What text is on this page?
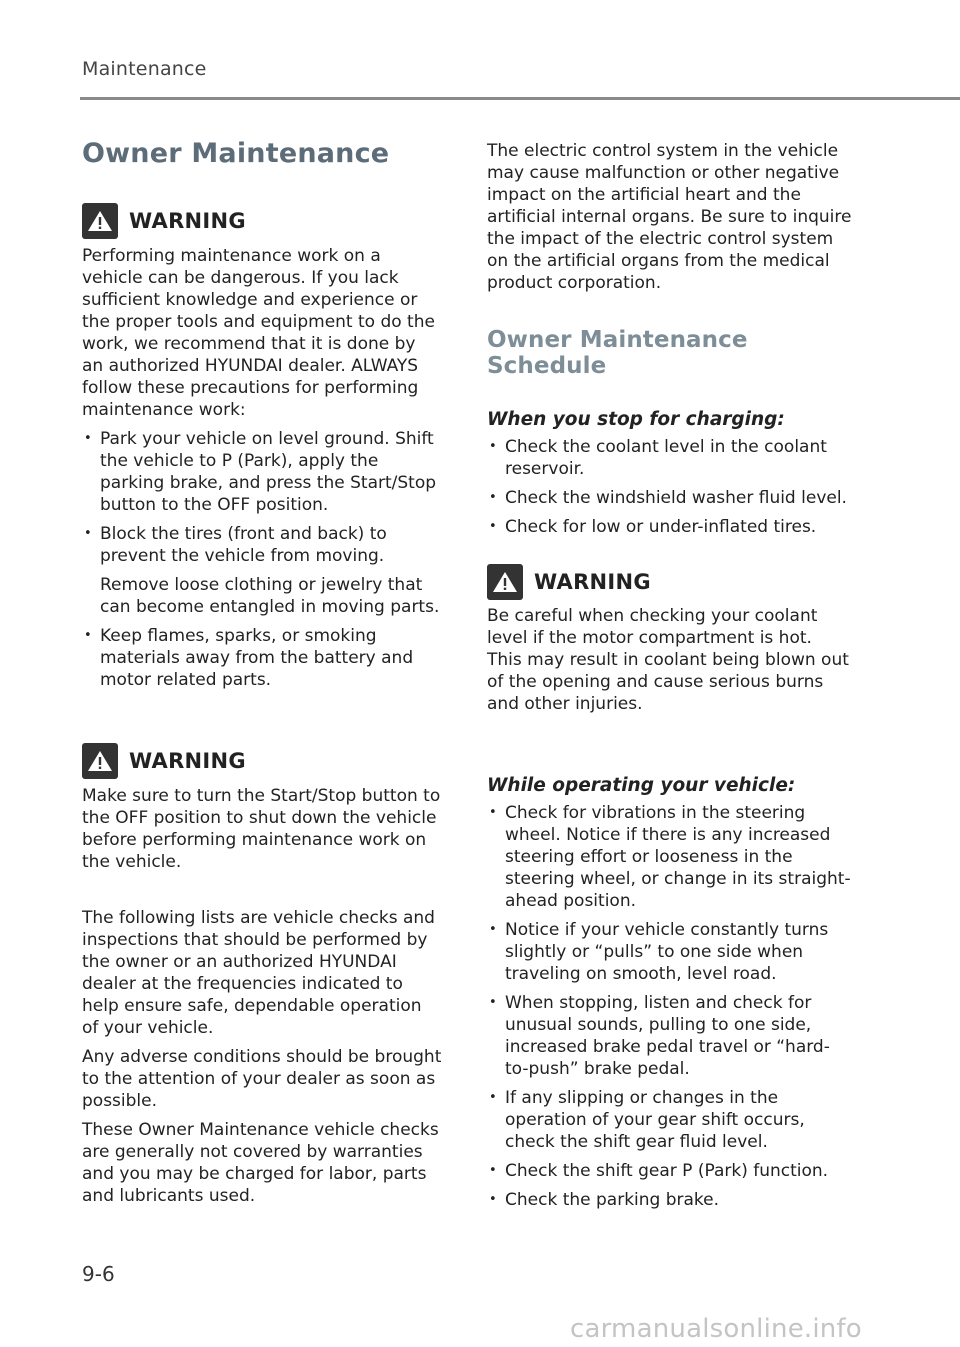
Maintenance
Owner Maintenance
WARNING

Performing maintenance work on a vehicle can be dangerous. If you lack sufficient knowledge and experience or the proper tools and equipment to do the work, we recommend that it is done by an authorized HYUNDAI dealer. ALWAYS follow these precautions for performing maintenance work:

• Park your vehicle on level ground. Shift the vehicle to P (Park), apply the parking brake, and press the Start/Stop button to the OFF position.
• Block the tires (front and back) to prevent the vehicle from moving.

Remove loose clothing or jewelry that can become entangled in moving parts.

• Keep flames, sparks, or smoking materials away from the battery and motor related parts.
WARNING

Make sure to turn the Start/Stop button to the OFF position to shut down the vehicle before performing maintenance work on the vehicle.

The following lists are vehicle checks and inspections that should be performed by the owner or an authorized HYUNDAI dealer at the frequencies indicated to help ensure safe, dependable operation of your vehicle.

Any adverse conditions should be brought to the attention of your dealer as soon as possible.

These Owner Maintenance vehicle checks are generally not covered by warranties and you may be charged for labor, parts and lubricants used.

The electric control system in the vehicle may cause malfunction or other negative impact on the artificial heart and the artificial internal organs. Be sure to inquire the impact of the electric control system on the artificial organs from the medical product corporation.

Owner Maintenance Schedule
When you stop for charging:
• Check the coolant level in the coolant reservoir.
• Check the windshield washer fluid level.
• Check for low or under-inflated tires.
WARNING

Be careful when checking your coolant level if the motor compartment is hot. This may result in coolant being blown out of the opening and cause serious burns and other injuries.

While operating your vehicle:
• Check for vibrations in the steering wheel. Notice if there is any increased steering effort or looseness in the steering wheel, or change in its straight-ahead position.
• Notice if your vehicle constantly turns slightly or “pulls” to one side when traveling on smooth, level road.
• When stopping, listen and check for unusual sounds, pulling to one side, increased brake pedal travel or “hard-to-push” brake pedal.
• If any slipping or changes in the operation of your gear shift occurs, check the shift gear fluid level.
• Check the shift gear P (Park) function.
• Check the parking brake.
9-6
carmanualsonline.info
